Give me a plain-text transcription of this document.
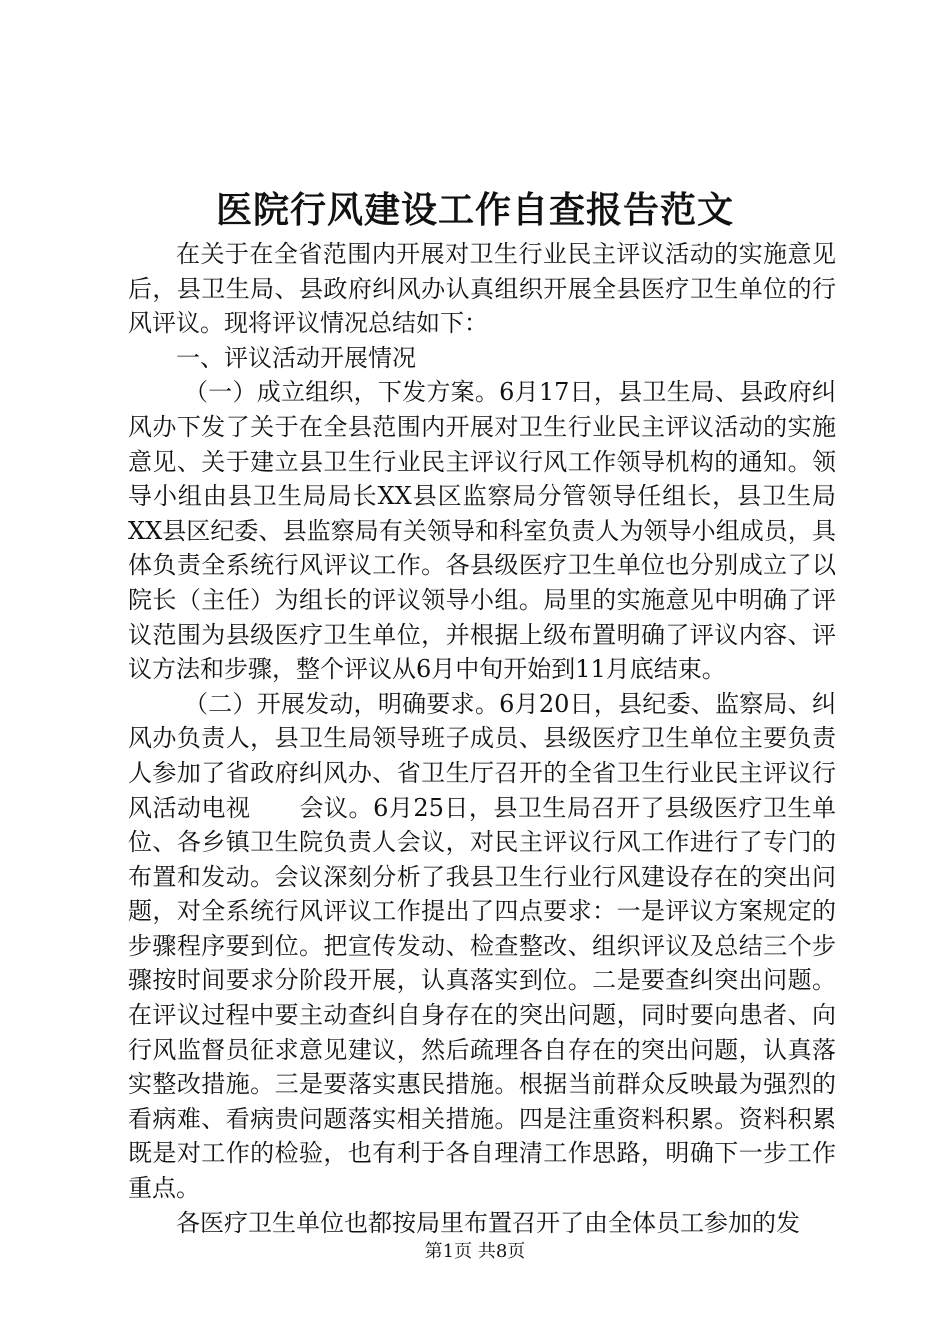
医院行风建设工作自查报告范文

在关于在全省范围内开展对卫生行业民主评议活动的实施意见后，县卫生局、县政府纠风办认真组织开展全县医疗卫生单位的行风评议。现将评议情况总结如下：

一、评议活动开展情况

（一）成立组织，下发方案。6月17日，县卫生局、县政府纠风办下发了关于在全县范围内开展对卫生行业民主评议活动的实施意见、关于建立县卫生行业民主评议行风工作领导机构的通知。领导小组由县卫生局局长XX县区监察局分管领导任组长，县卫生局XX县区纪委、县监察局有关领导和科室负责人为领导小组成员，具体负责全系统行风评议工作。各县级医疗卫生单位也分别成立了以院长（主任）为组长的评议领导小组。局里的实施意见中明确了评议范围为县级医疗卫生单位，并根据上级布置明确了评议内容、评议方法和步骤，整个评议从6月中旬开始到11月底结束。

（二）开展发动，明确要求。6月20日，县纪委、监察局、纠风办负责人，县卫生局领导班子成员、县级医疗卫生单位主要负责人参加了省政府纠风办、省卫生厅召开的全省卫生行业民主评议行风活动电视　　会议。6月25日，县卫生局召开了县级医疗卫生单位、各乡镇卫生院负责人会议，对民主评议行风工作进行了专门的布置和发动。会议深刻分析了我县卫生行业行风建设存在的突出问题，对全系统行风评议工作提出了四点要求：一是评议方案规定的步骤程序要到位。把宣传发动、检查整改、组织评议及总结三个步骤按时间要求分阶段开展，认真落实到位。二是要查纠突出问题。在评议过程中要主动查纠自身存在的突出问题，同时要向患者、向行风监督员征求意见建议，然后疏理各自存在的突出问题，认真落实整改措施。三是要落实惠民措施。根据当前群众反映最为强烈的看病难、看病贵问题落实相关措施。四是注重资料积累。资料积累既是对工作的检验，也有利于各自理清工作思路，明确下一步工作重点。

各医疗卫生单位也都按局里布置召开了由全体员工参加的发

第1页 共8页
